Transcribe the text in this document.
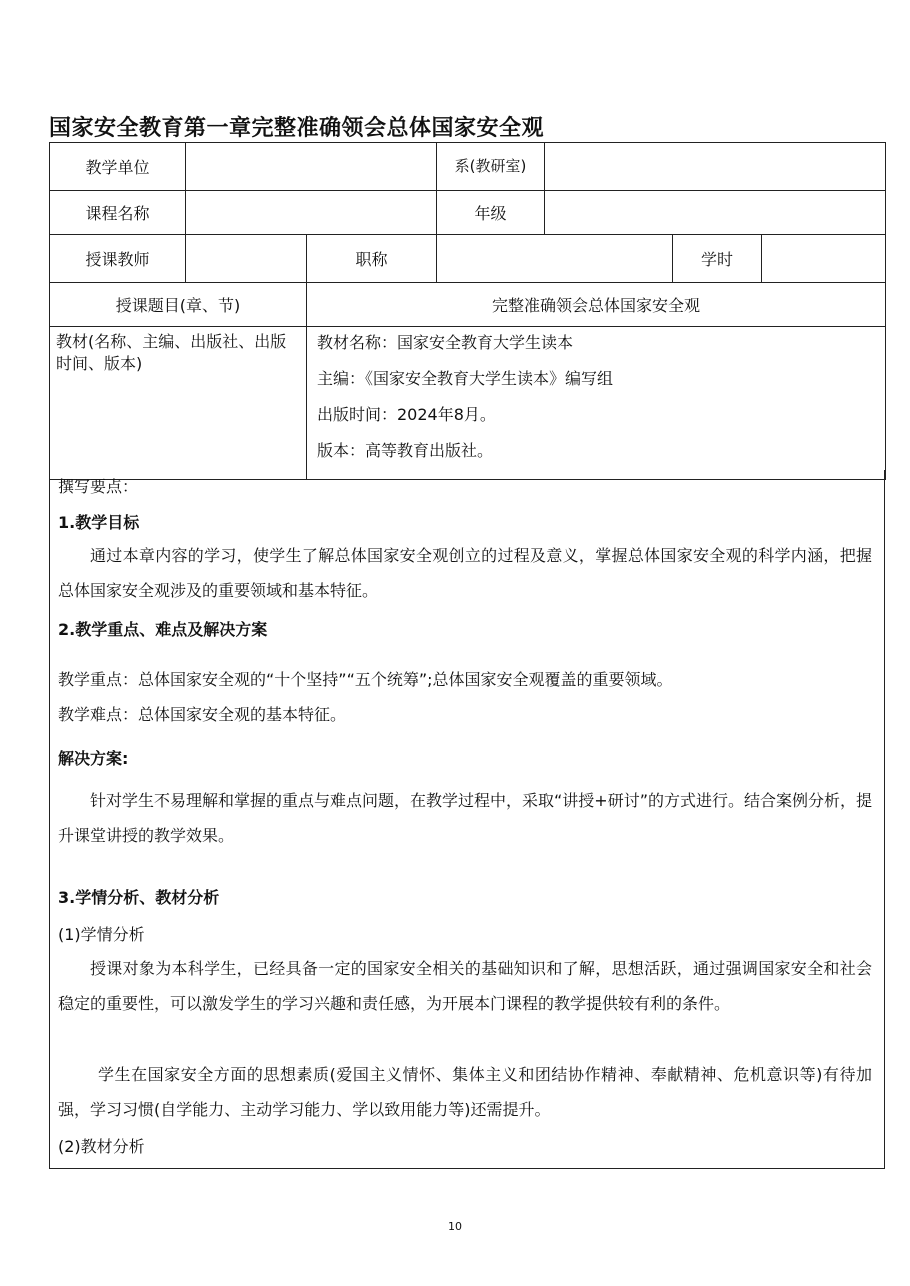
国家安全教育第一章完整准确领会总体国家安全观
教学单位			系(教研室)			

课程名称			年级			
授课教师		职称			学时	
授课题目(章、节)		完整准确领会总体国家安全观				
教材(名称、主编、出版社、出版时间、版本)		教材名称：国家安全教育大学生读本
主编：《国家安全教育大学生读本》编写组
出版时间：2024年8月。
版本：高等教育出版社。				
撰写要点：
1.教学目标
通过本章内容的学习，使学生了解总体国家安全观创立的过程及意义，掌握总体国家安全观的科学内涵，把握总体国家安全观涉及的重要领域和基本特征。
2.教学重点、难点及解决方案
教学重点：总体国家安全观的“十个坚持”“五个统筹”;总体国家安全观覆盖的重要领域。
教学难点：总体国家安全观的基本特征。
解决方案:
针对学生不易理解和掌握的重点与难点问题，在教学过程中，采取“讲授+研讨”的方式进行。结合案例分析，提升课堂讲授的教学效果。
3.学情分析、教材分析
(1)学情分析
授课对象为本科学生，已经具备一定的国家安全相关的基础知识和了解，思想活跃，通过强调国家安全和社会稳定的重要性，可以激发学生的学习兴趣和责任感，为开展本门课程的教学提供较有利的条件。
学生在国家安全方面的思想素质(爱国主义情怀、集体主义和团结协作精神、奉献精神、危机意识等)有待加强，学习习惯(自学能力、主动学习能力、学以致用能力等)还需提升。
(2)教材分析
10
